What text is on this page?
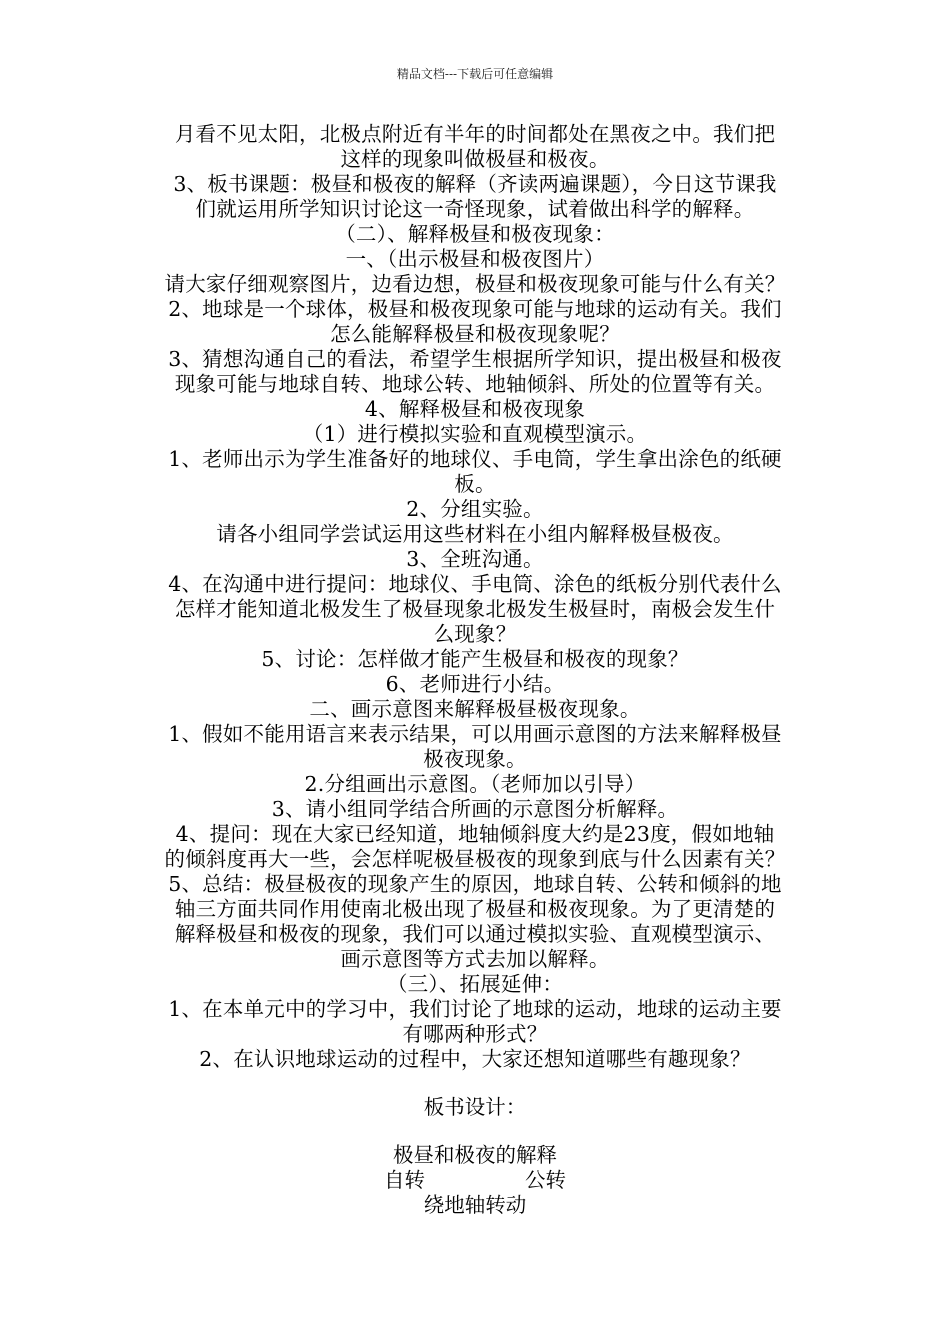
精品文档---下载后可任意编辑

月看不见太阳，北极点附近有半年的时间都处在黑夜之中。我们把

这样的现象叫做极昼和极夜。

3、板书课题：极昼和极夜的解释（齐读两遍课题），今日这节课我

们就运用所学知识讨论这一奇怪现象，试着做出科学的解释。

（二）、解释极昼和极夜现象：

一、（出示极昼和极夜图片）

请大家仔细观察图片，边看边想，极昼和极夜现象可能与什么有关？

2、地球是一个球体，极昼和极夜现象可能与地球的运动有关。我们

怎么能解释极昼和极夜现象呢？

3、猜想沟通自己的看法，希望学生根据所学知识，提出极昼和极夜

现象可能与地球自转、地球公转、地轴倾斜、所处的位置等有关。

4、解释极昼和极夜现象

（1）进行模拟实验和直观模型演示。

1、老师出示为学生准备好的地球仪、手电筒，学生拿出涂色的纸硬

板。

2、分组实验。

请各小组同学尝试运用这些材料在小组内解释极昼极夜。

3、全班沟通。

4、在沟通中进行提问：地球仪、手电筒、涂色的纸板分别代表什么

怎样才能知道北极发生了极昼现象北极发生极昼时，南极会发生什

么现象？

5、讨论：怎样做才能产生极昼和极夜的现象？

6、老师进行小结。

二、画示意图来解释极昼极夜现象。

1、假如不能用语言来表示结果，可以用画示意图的方法来解释极昼

极夜现象。

2.分组画出示意图。（老师加以引导）

3、请小组同学结合所画的示意图分析解释。

4、提问：现在大家已经知道，地轴倾斜度大约是23度，假如地轴

的倾斜度再大一些，会怎样呢极昼极夜的现象到底与什么因素有关？

5、总结：极昼极夜的现象产生的原因，地球自转、公转和倾斜的地

轴三方面共同作用使南北极出现了极昼和极夜现象。为了更清楚的

解释极昼和极夜的现象，我们可以通过模拟实验、直观模型演示、

画示意图等方式去加以解释。

（三）、拓展延伸：

1、在本单元中的学习中，我们讨论了地球的运动，地球的运动主要

有哪两种形式？

2、在认识地球运动的过程中，大家还想知道哪些有趣现象？

板书设计：
极昼和极夜的解释
自转	公转
绕地轴转动
